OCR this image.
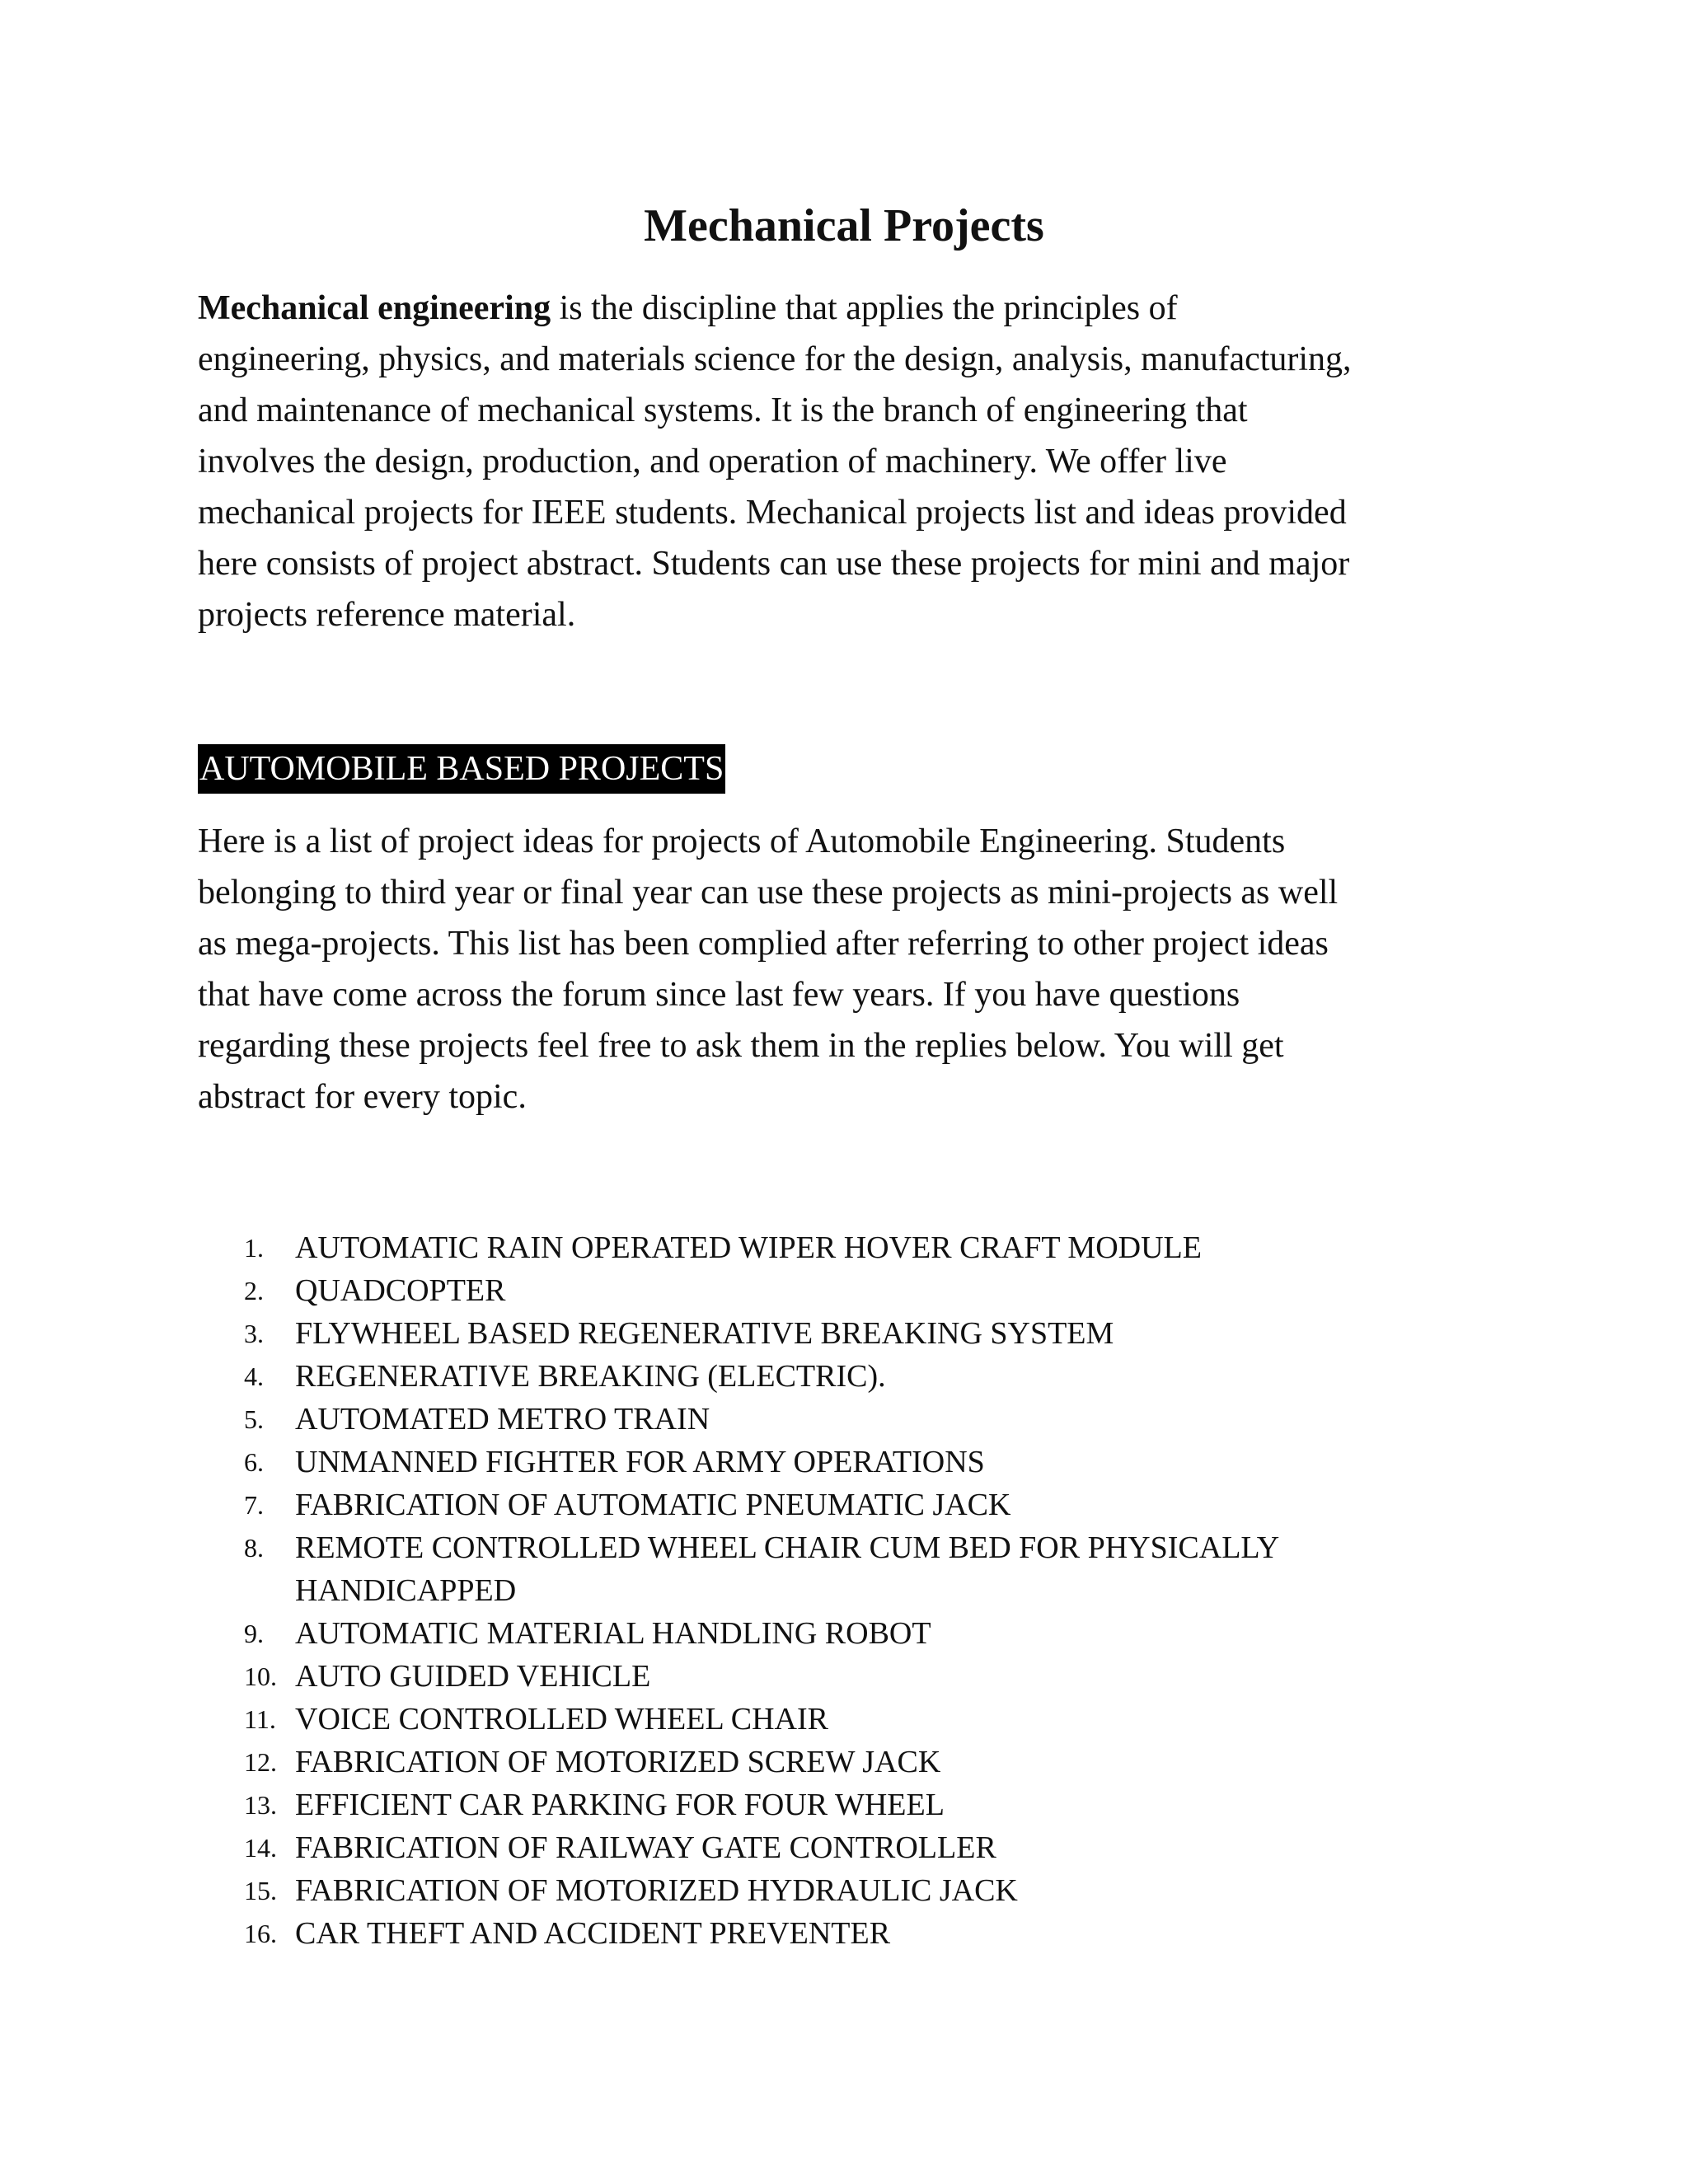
Mechanical Projects
Mechanical engineering is the discipline that applies the principles of
engineering, physics, and materials science for the design, analysis, manufacturing,
and maintenance of mechanical systems. It is the branch of engineering that
involves the design, production, and operation of machinery. We offer live
mechanical projects for IEEE students. Mechanical projects list and ideas provided
here consists of project abstract. Students can use these projects for mini and major
projects reference material.
AUTOMOBILE BASED PROJECTS
Here is a list of project ideas for projects of Automobile Engineering. Students
belonging to third year or final year can use these projects as mini-projects as well
as mega-projects. This list has been complied after referring to other project ideas
that have come across the forum since last few years. If you have questions
regarding these projects feel free to ask them in the replies below. You will get
abstract for every topic.
1. AUTOMATIC RAIN OPERATED WIPER HOVER CRAFT MODULE
2. QUADCOPTER
3. FLYWHEEL BASED REGENERATIVE BREAKING SYSTEM
4. REGENERATIVE BREAKING (ELECTRIC).
5. AUTOMATED METRO TRAIN
6. UNMANNED FIGHTER FOR ARMY OPERATIONS
7. FABRICATION OF AUTOMATIC PNEUMATIC JACK
8. REMOTE CONTROLLED WHEEL CHAIR CUM BED FOR PHYSICALLY
HANDICAPPED
9. AUTOMATIC MATERIAL HANDLING ROBOT
10. AUTO GUIDED VEHICLE
11. VOICE CONTROLLED WHEEL CHAIR
12. FABRICATION OF MOTORIZED SCREW JACK
13. EFFICIENT CAR PARKING FOR FOUR WHEEL
14. FABRICATION OF RAILWAY GATE CONTROLLER
15. FABRICATION OF MOTORIZED HYDRAULIC JACK
16. CAR THEFT AND ACCIDENT PREVENTER
